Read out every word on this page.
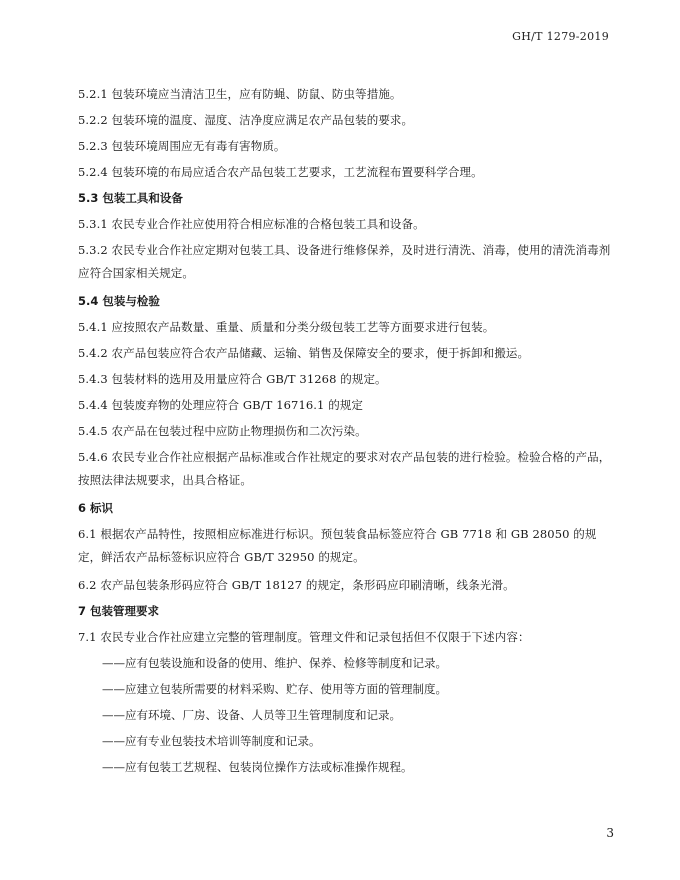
GH/T 1279-2019

5.2.1 包装环境应当清洁卫生，应有防蝇、防鼠、防虫等措施。

5.2.2 包装环境的温度、湿度、洁净度应满足农产品包装的要求。

5.2.3 包装环境周围应无有毒有害物质。

5.2.4 包装环境的布局应适合农产品包装工艺要求，工艺流程布置要科学合理。

5.3 包装工具和设备

5.3.1 农民专业合作社应使用符合相应标准的合格包装工具和设备。

5.3.2 农民专业合作社应定期对包装工具、设备进行维修保养，及时进行清洗、消毒，使用的清洗消毒剂应符合国家相关规定。

5.4 包装与检验

5.4.1 应按照农产品数量、重量、质量和分类分级包装工艺等方面要求进行包装。

5.4.2 农产品包装应符合农产品储藏、运输、销售及保障安全的要求，便于拆卸和搬运。

5.4.3 包装材料的选用及用量应符合 GB/T 31268 的规定。

5.4.4 包装废弃物的处理应符合 GB/T 16716.1 的规定

5.4.5 农产品在包装过程中应防止物理损伤和二次污染。

5.4.6 农民专业合作社应根据产品标准或合作社规定的要求对农产品包装的进行检验。检验合格的产品，按照法律法规要求，出具合格证。

6 标识

6.1 根据农产品特性，按照相应标准进行标识。预包装食品标签应符合 GB 7718 和 GB 28050 的规定，鲜活农产品标签标识应符合 GB/T 32950 的规定。

6.2 农产品包装条形码应符合 GB/T 18127 的规定，条形码应印刷清晰，线条光滑。

7 包装管理要求

7.1 农民专业合作社应建立完整的管理制度。管理文件和记录包括但不仅限于下述内容：

——应有包装设施和设备的使用、维护、保养、检修等制度和记录。
——应建立包装所需要的材料采购、贮存、使用等方面的管理制度。
——应有环境、厂房、设备、人员等卫生管理制度和记录。
——应有专业包装技术培训等制度和记录。
——应有包装工艺规程、包装岗位操作方法或标准操作规程。
3
